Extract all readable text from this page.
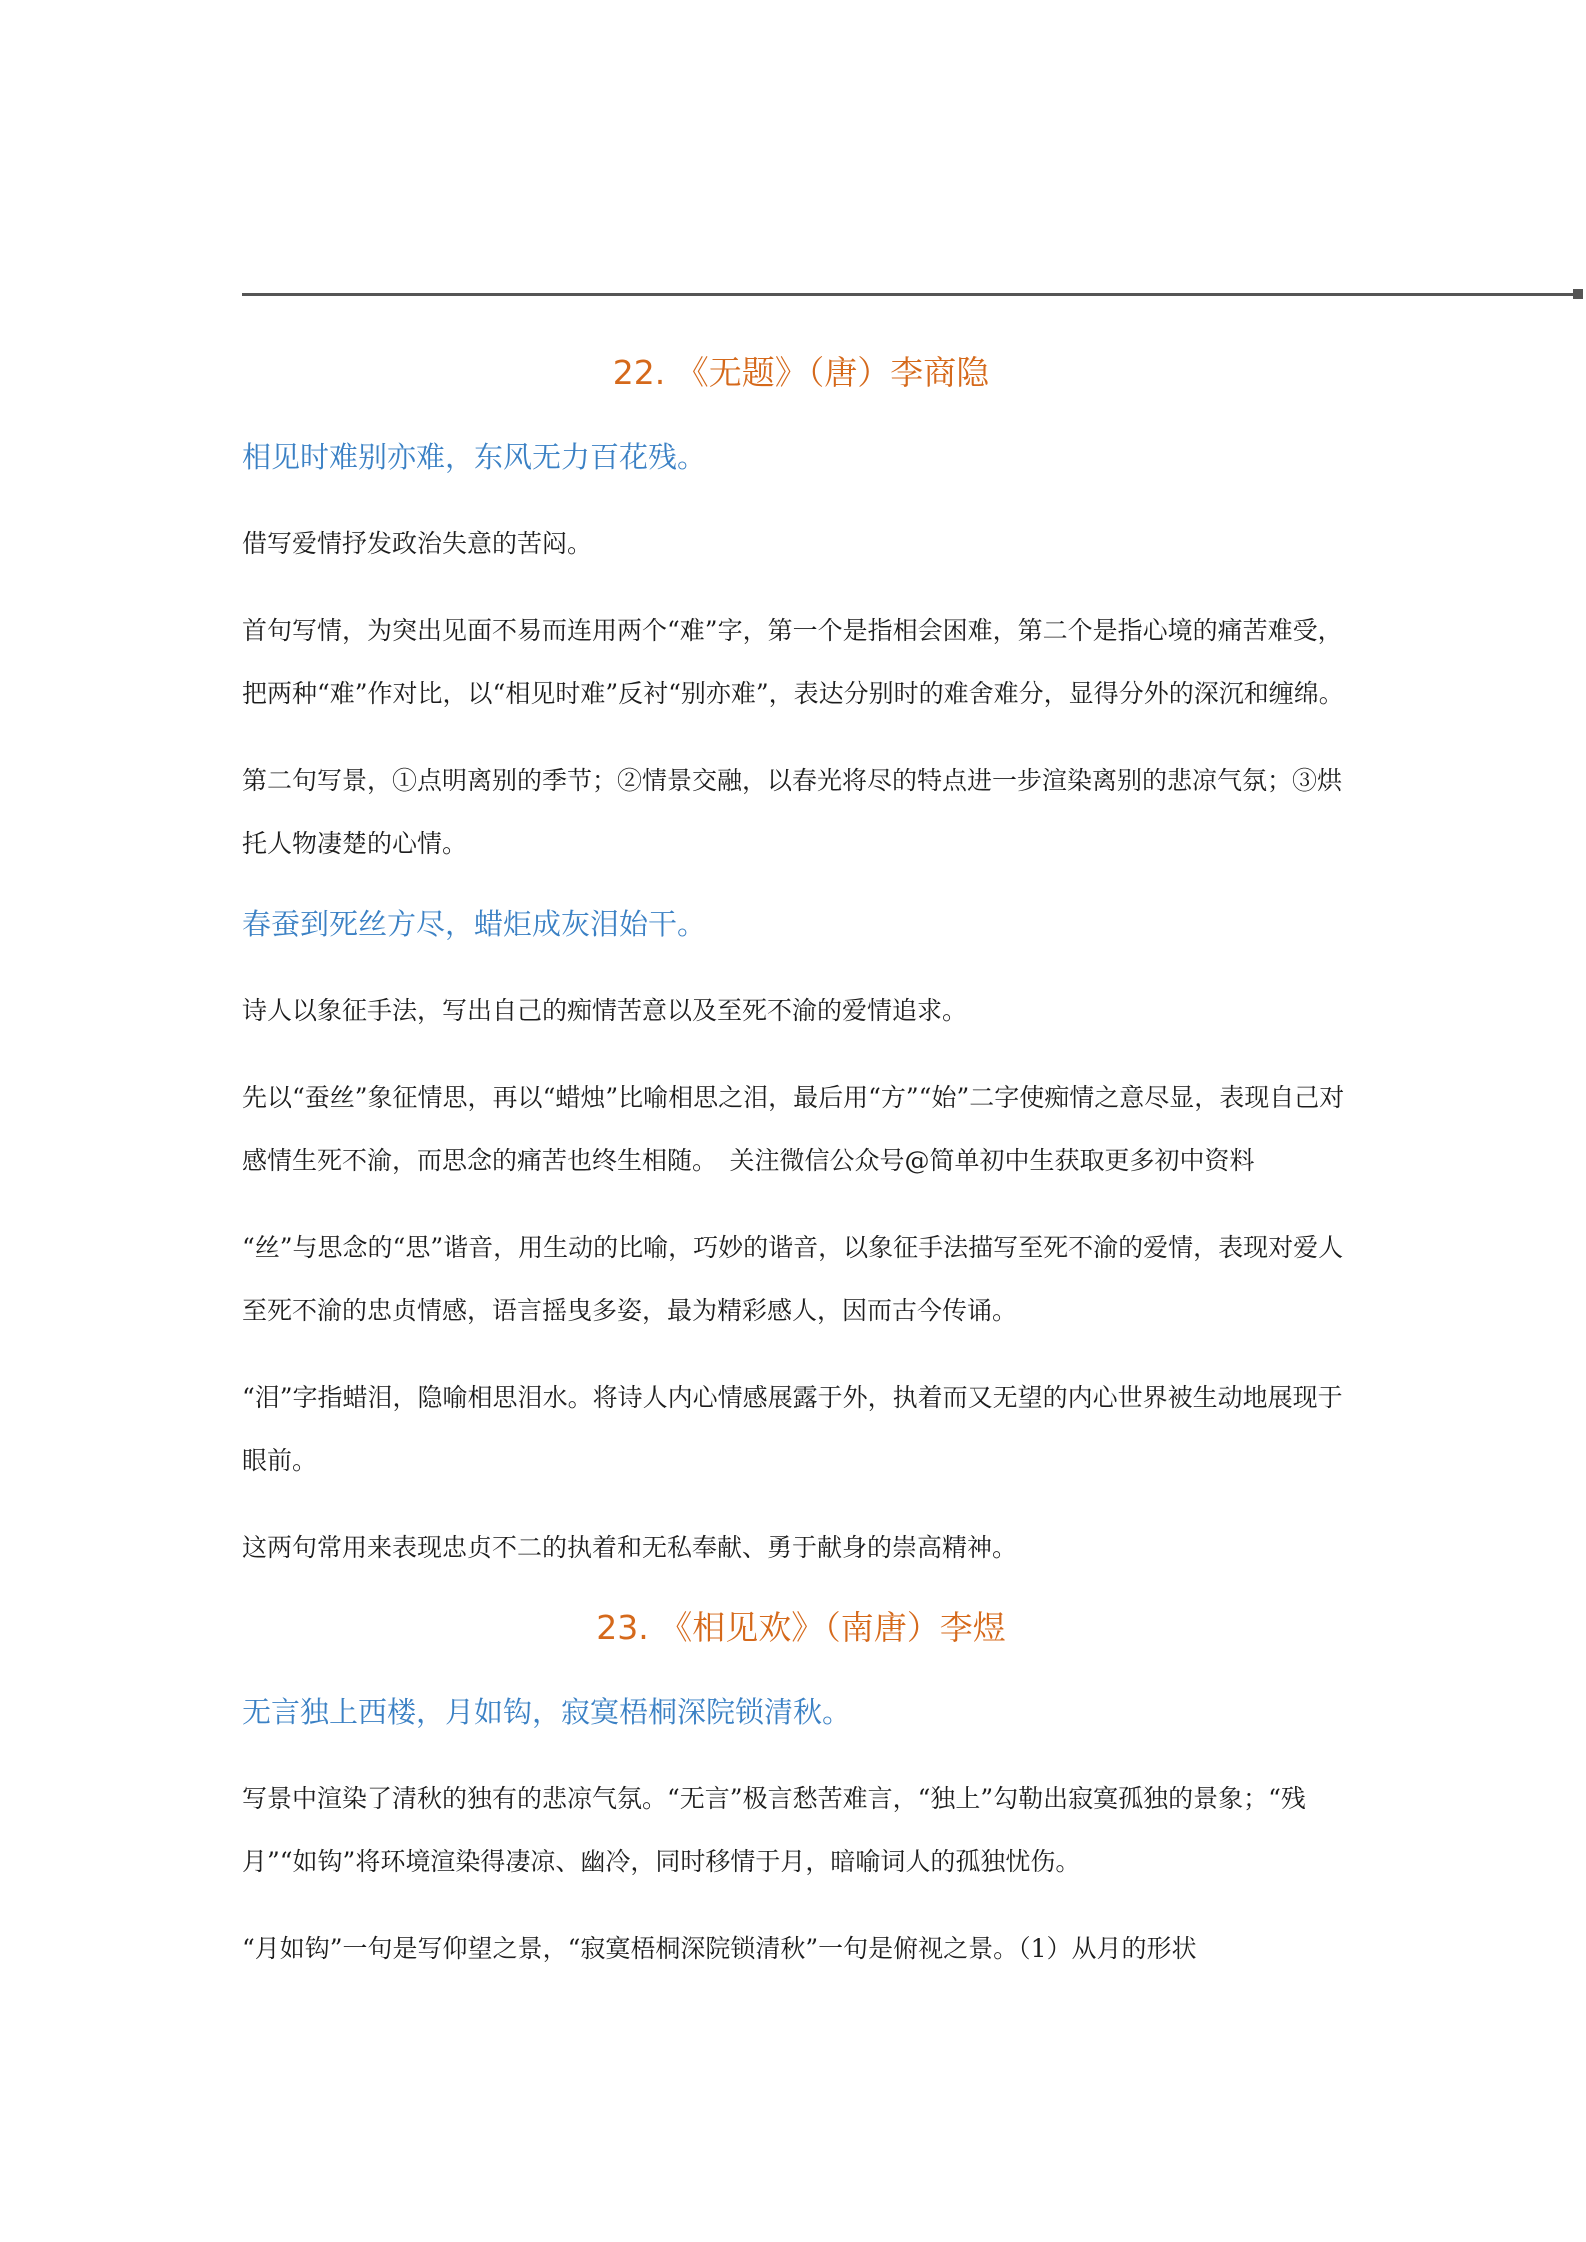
22. 《无题》（唐）李商隐
相见时难别亦难，东风无力百花残。

借写爱情抒发政治失意的苦闷。

首句写情，为突出见面不易而连用两个“难”字，第一个是指相会困难，第二个是指心境的痛苦难受，把两种“难”作对比，以“相见时难”反衬“别亦难”，表达分别时的难舍难分，显得分外的深沉和缠绵。

第二句写景，①点明离别的季节；②情景交融，以春光将尽的特点进一步渲染离别的悲凉气氛；③烘托人物凄楚的心情。

春蚕到死丝方尽，蜡炬成灰泪始干。

诗人以象征手法，写出自己的痴情苦意以及至死不渝的爱情追求。

先以“蚕丝”象征情思，再以“蜡烛”比喻相思之泪，最后用“方”“始”二字使痴情之意尽显，表现自己对感情生死不渝，而思念的痛苦也终生相随。　关注微信公众号@简单初中生获取更多初中资料

“丝”与思念的“思”谐音，用生动的比喻，巧妙的谐音，以象征手法描写至死不渝的爱情，表现对爱人至死不渝的忠贞情感，语言摇曳多姿，最为精彩感人，因而古今传诵。

“泪”字指蜡泪，隐喻相思泪水。将诗人内心情感展露于外，执着而又无望的内心世界被生动地展现于眼前。

这两句常用来表现忠贞不二的执着和无私奉献、勇于献身的崇高精神。

23. 《相见欢》（南唐）李煜
无言独上西楼，月如钩，寂寞梧桐深院锁清秋。

写景中渲染了清秋的独有的悲凉气氛。“无言”极言愁苦难言，“独上”勾勒出寂寞孤独的景象；“残月”“如钩”将环境渲染得凄凉、幽冷，同时移情于月，暗喻词人的孤独忧伤。

“月如钩”一句是写仰望之景，“寂寞梧桐深院锁清秋”一句是俯视之景。（1）从月的形状
